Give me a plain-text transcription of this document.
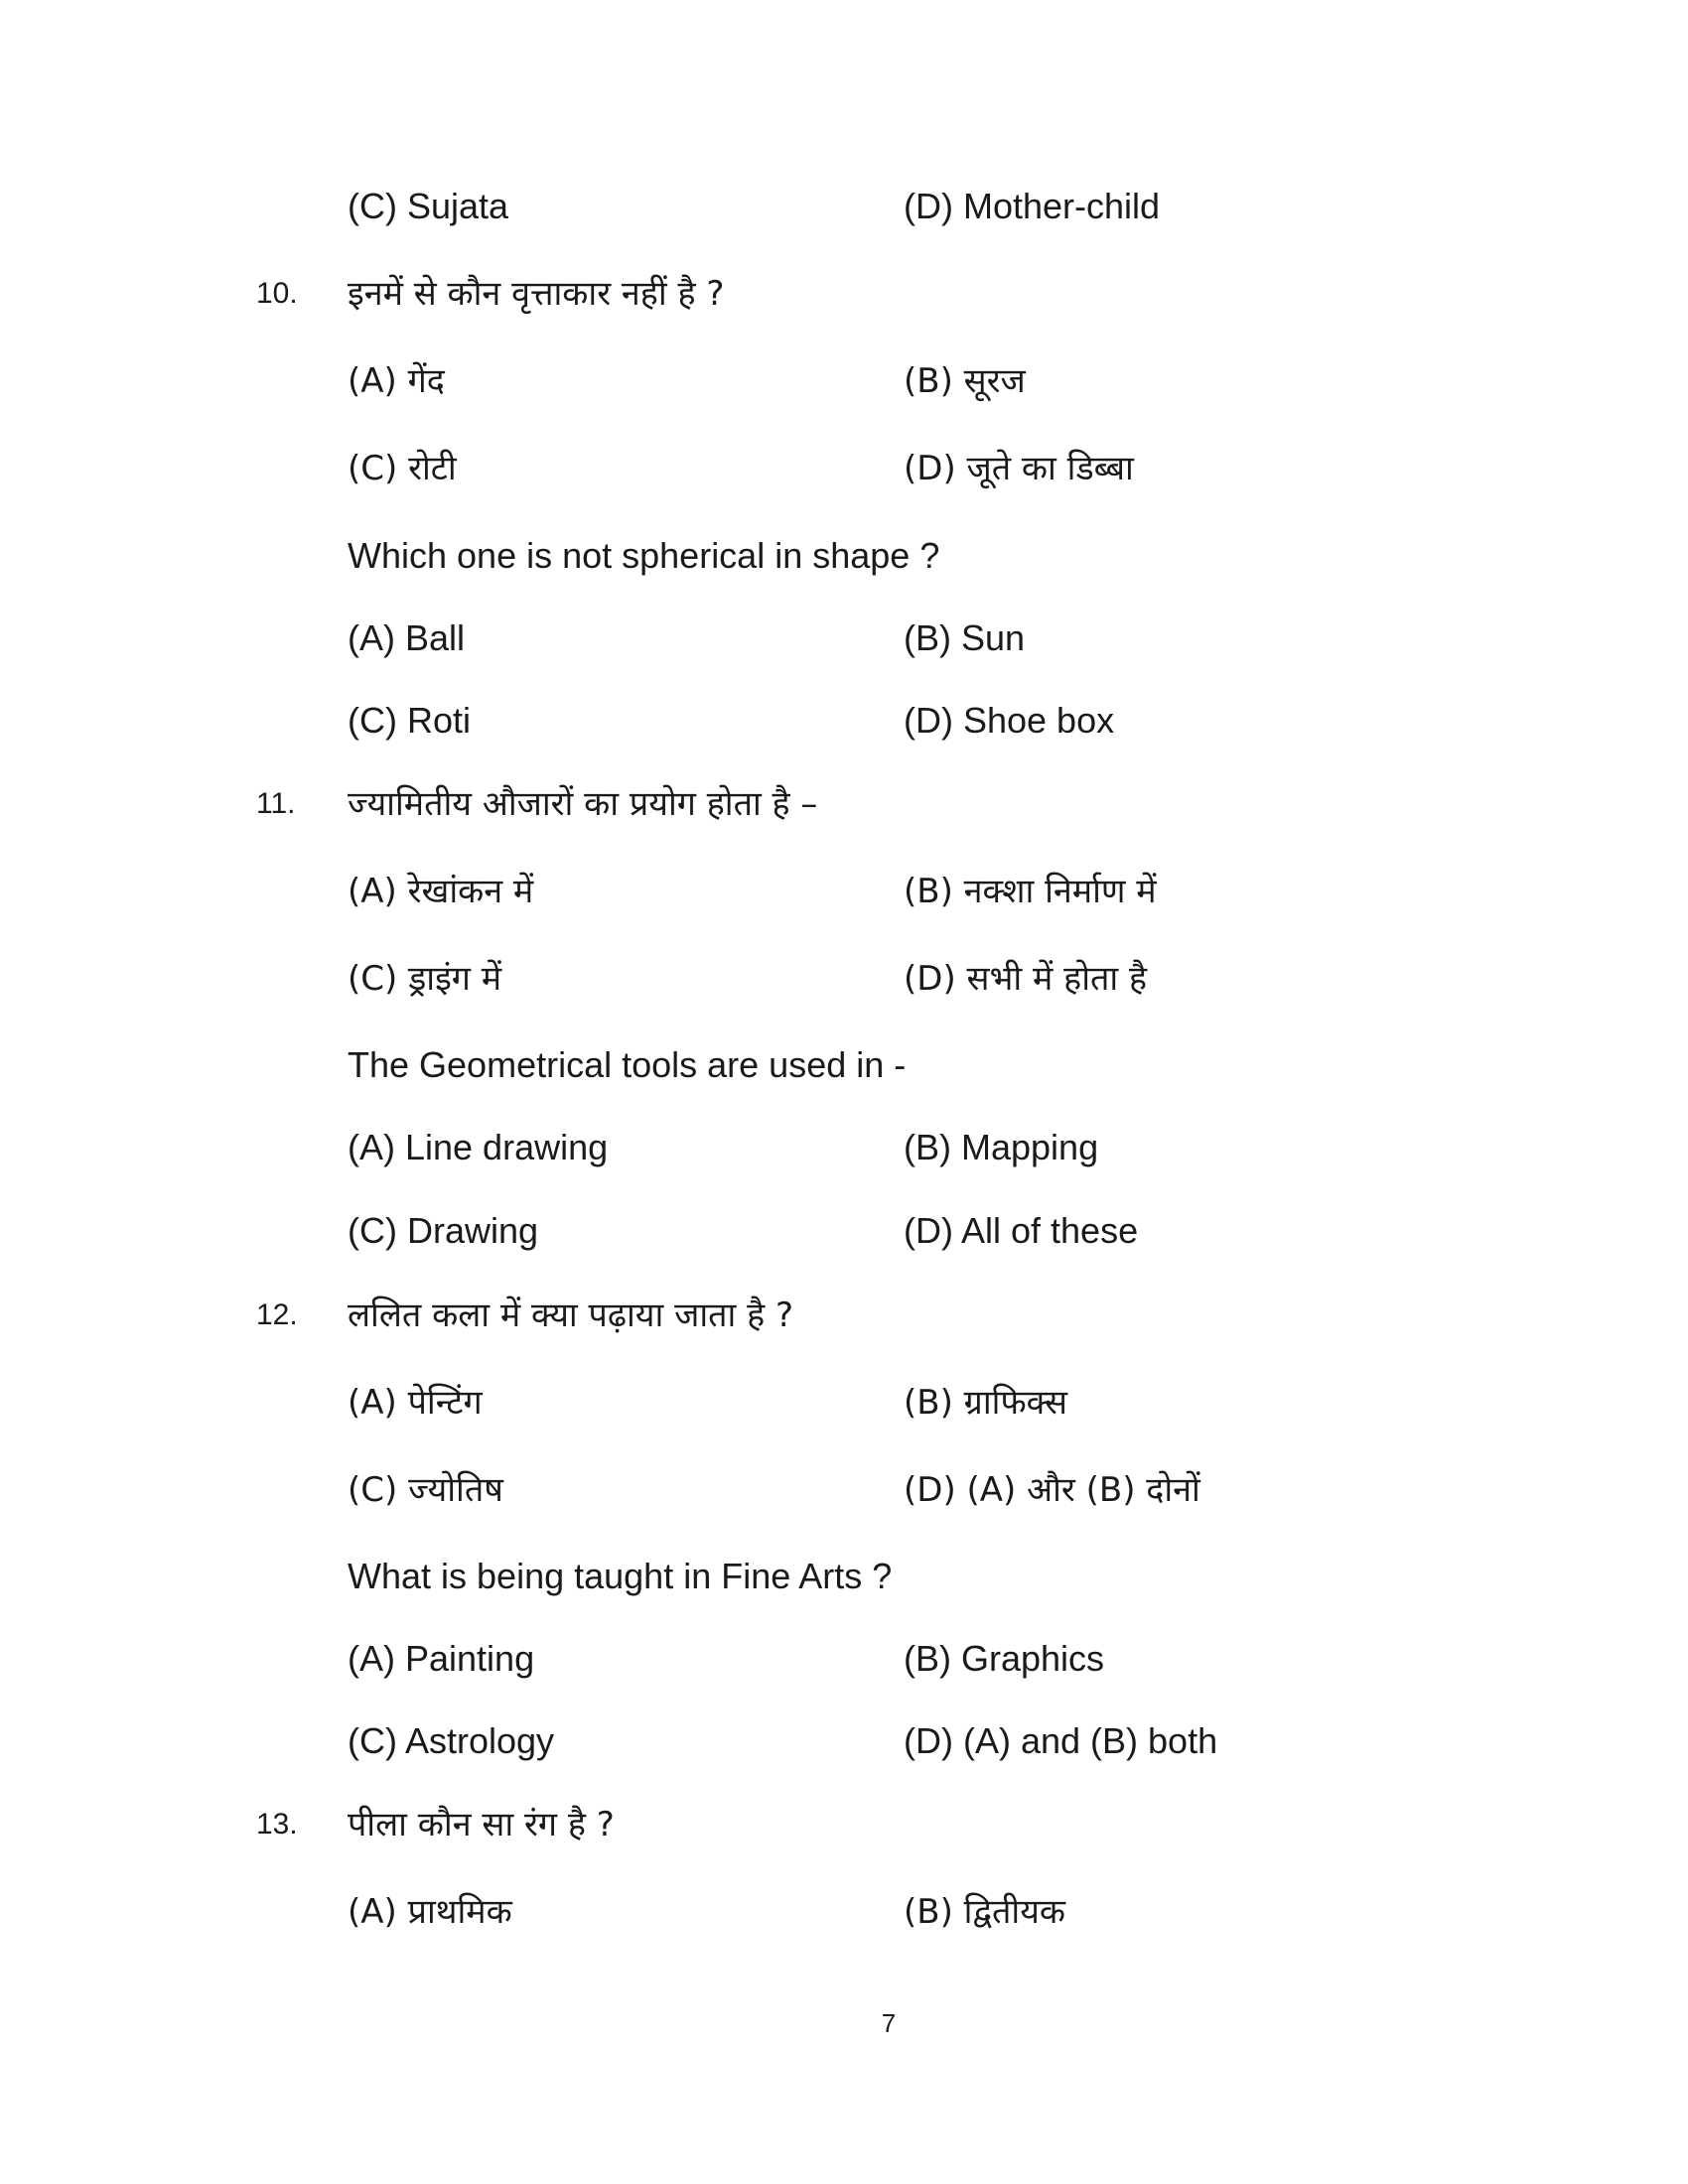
(C) Sujata	(D) Mother-child
10. इनमें से कौन वृत्ताकार नहीं है ?
(A) गेंद	(B) सूरज
(C) रोटी	(D) जूते का डिब्बा
Which one is not spherical in shape ?
(A) Ball	(B) Sun
(C) Roti	(D) Shoe box
11. ज्यामितीय औजारों का प्रयोग होता है –
(A) रेखांकन में	(B) नक्शा निर्माण में
(C) ड्राइंग में	(D) सभी में होता है
The Geometrical tools are used in -
(A) Line drawing	(B) Mapping
(C) Drawing	(D) All of these
12. ललित कला में क्या पढ़ाया जाता है ?
(A) पेन्टिंग	(B) ग्राफिक्स
(C) ज्योतिष	(D) (A) और (B) दोनों
What is being taught in Fine Arts ?
(A) Painting	(B) Graphics
(C) Astrology	(D) (A) and (B) both
13. पीला कौन सा रंग है ?
(A) प्राथमिक	(B) द्वितीयक
7
